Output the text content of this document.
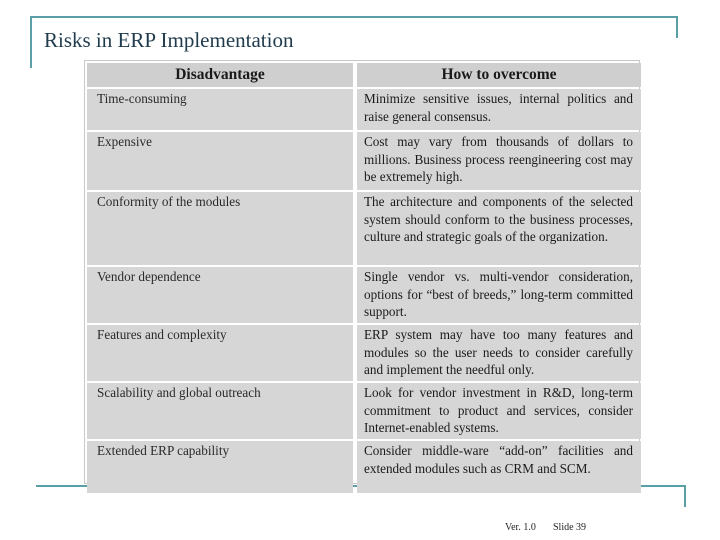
Risks in ERP Implementation
Disadvantage	How to overcome
Time-consuming	Minimize sensitive issues, internal politics and raise general consensus.
Expensive	Cost may vary from thousands of dollars to millions. Business process reengineering cost may be extremely high.
Conformity of the modules	The architecture and components of the selected system should conform to the business processes, culture and strategic goals of the organization.
Vendor dependence	Single vendor vs. multi-vendor consideration, options for “best of breeds,” long-term committed support.
Features and complexity	ERP system may have too many features and modules so the user needs to consider carefully and implement the needful only.
Scalability and global outreach	Look for vendor investment in R&D, long-term commitment to product and services, consider Internet-enabled systems.
Extended ERP capability	Consider middle-ware “add-on” facilities and extended modules such as CRM and SCM.
Ver. 1.0 Slide 39
